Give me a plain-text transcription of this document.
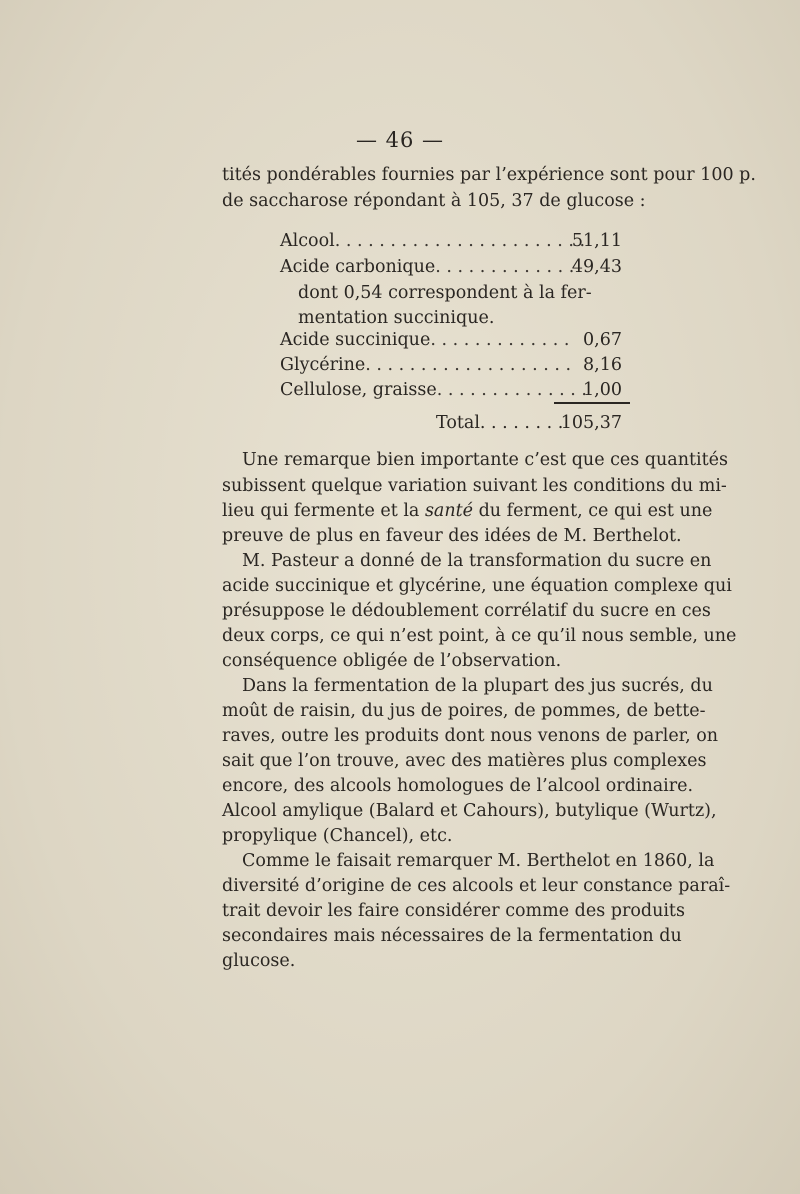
— 46 —
tités pondérables fournies par l’expérience sont pour 100 p.
de saccharose répondant à 105, 37 de glucose :
Alcool. . . . . . . . . . . . . . . . . . . . . . .
51,11
Acide carbonique. . . . . . . . . . . . .
49,43
dont 0,54 correspondent à la fer-
mentation succinique.
Acide succinique. . . . . . . . . . . . . 0,67
Glycérine. . . . . . . . . . . . . . . . . . . 8,16
Cellulose, graisse. . . . . . . . . . . . . .
1,00
Total. . . . . . . .
105,37
Une remarque bien importante c’est que ces quantités
subissent quelque variation suivant les conditions du mi-
lieu qui fermente et la santé du ferment, ce qui est une
preuve de plus en faveur des idées de M. Berthelot.
M. Pasteur a donné de la transformation du sucre en
acide succinique et glycérine, une équation complexe qui
présuppose le dédoublement corrélatif du sucre en ces
deux corps, ce qui n’est point, à ce qu’il nous semble, une
conséquence obligée de l’observation.
Dans la fermentation de la plupart des jus sucrés, du
moût de raisin, du jus de poires, de pommes, de bette-
raves, outre les produits dont nous venons de parler, on
sait que l’on trouve, avec des matières plus complexes
encore, des alcools homologues de l’alcool ordinaire.
Alcool amylique (Balard et Cahours), butylique (Wurtz),
propylique (Chancel), etc.
Comme le faisait remarquer M. Berthelot en 1860, la
diversité d’origine de ces alcools et leur constance paraî-
trait devoir les faire considérer comme des produits
secondaires mais nécessaires de la fermentation du
glucose.
